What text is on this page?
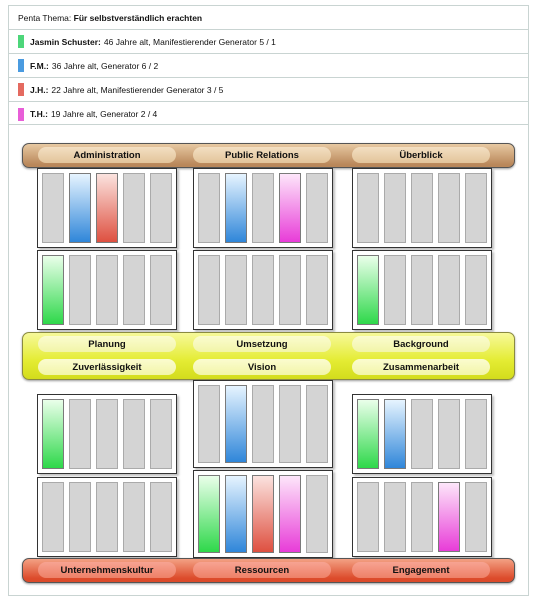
Penta Thema:
Für selbstverständlich erachten
Jasmin Schuster: 46 Jahre alt, Manifestierender Generator 5 / 1
F.M.: 36 Jahre alt, Generator 6 / 2
J.H.: 22 Jahre alt, Manifestierender Generator 3 / 5
T.H.: 19 Jahre alt, Generator 2 / 4
Administration	Public Relations	Überblick
Planung	Umsetzung	Background
Zuverlässigkeit	Vision	Zusammenarbeit
Unternehmenskultur	Ressourcen	Engagement
